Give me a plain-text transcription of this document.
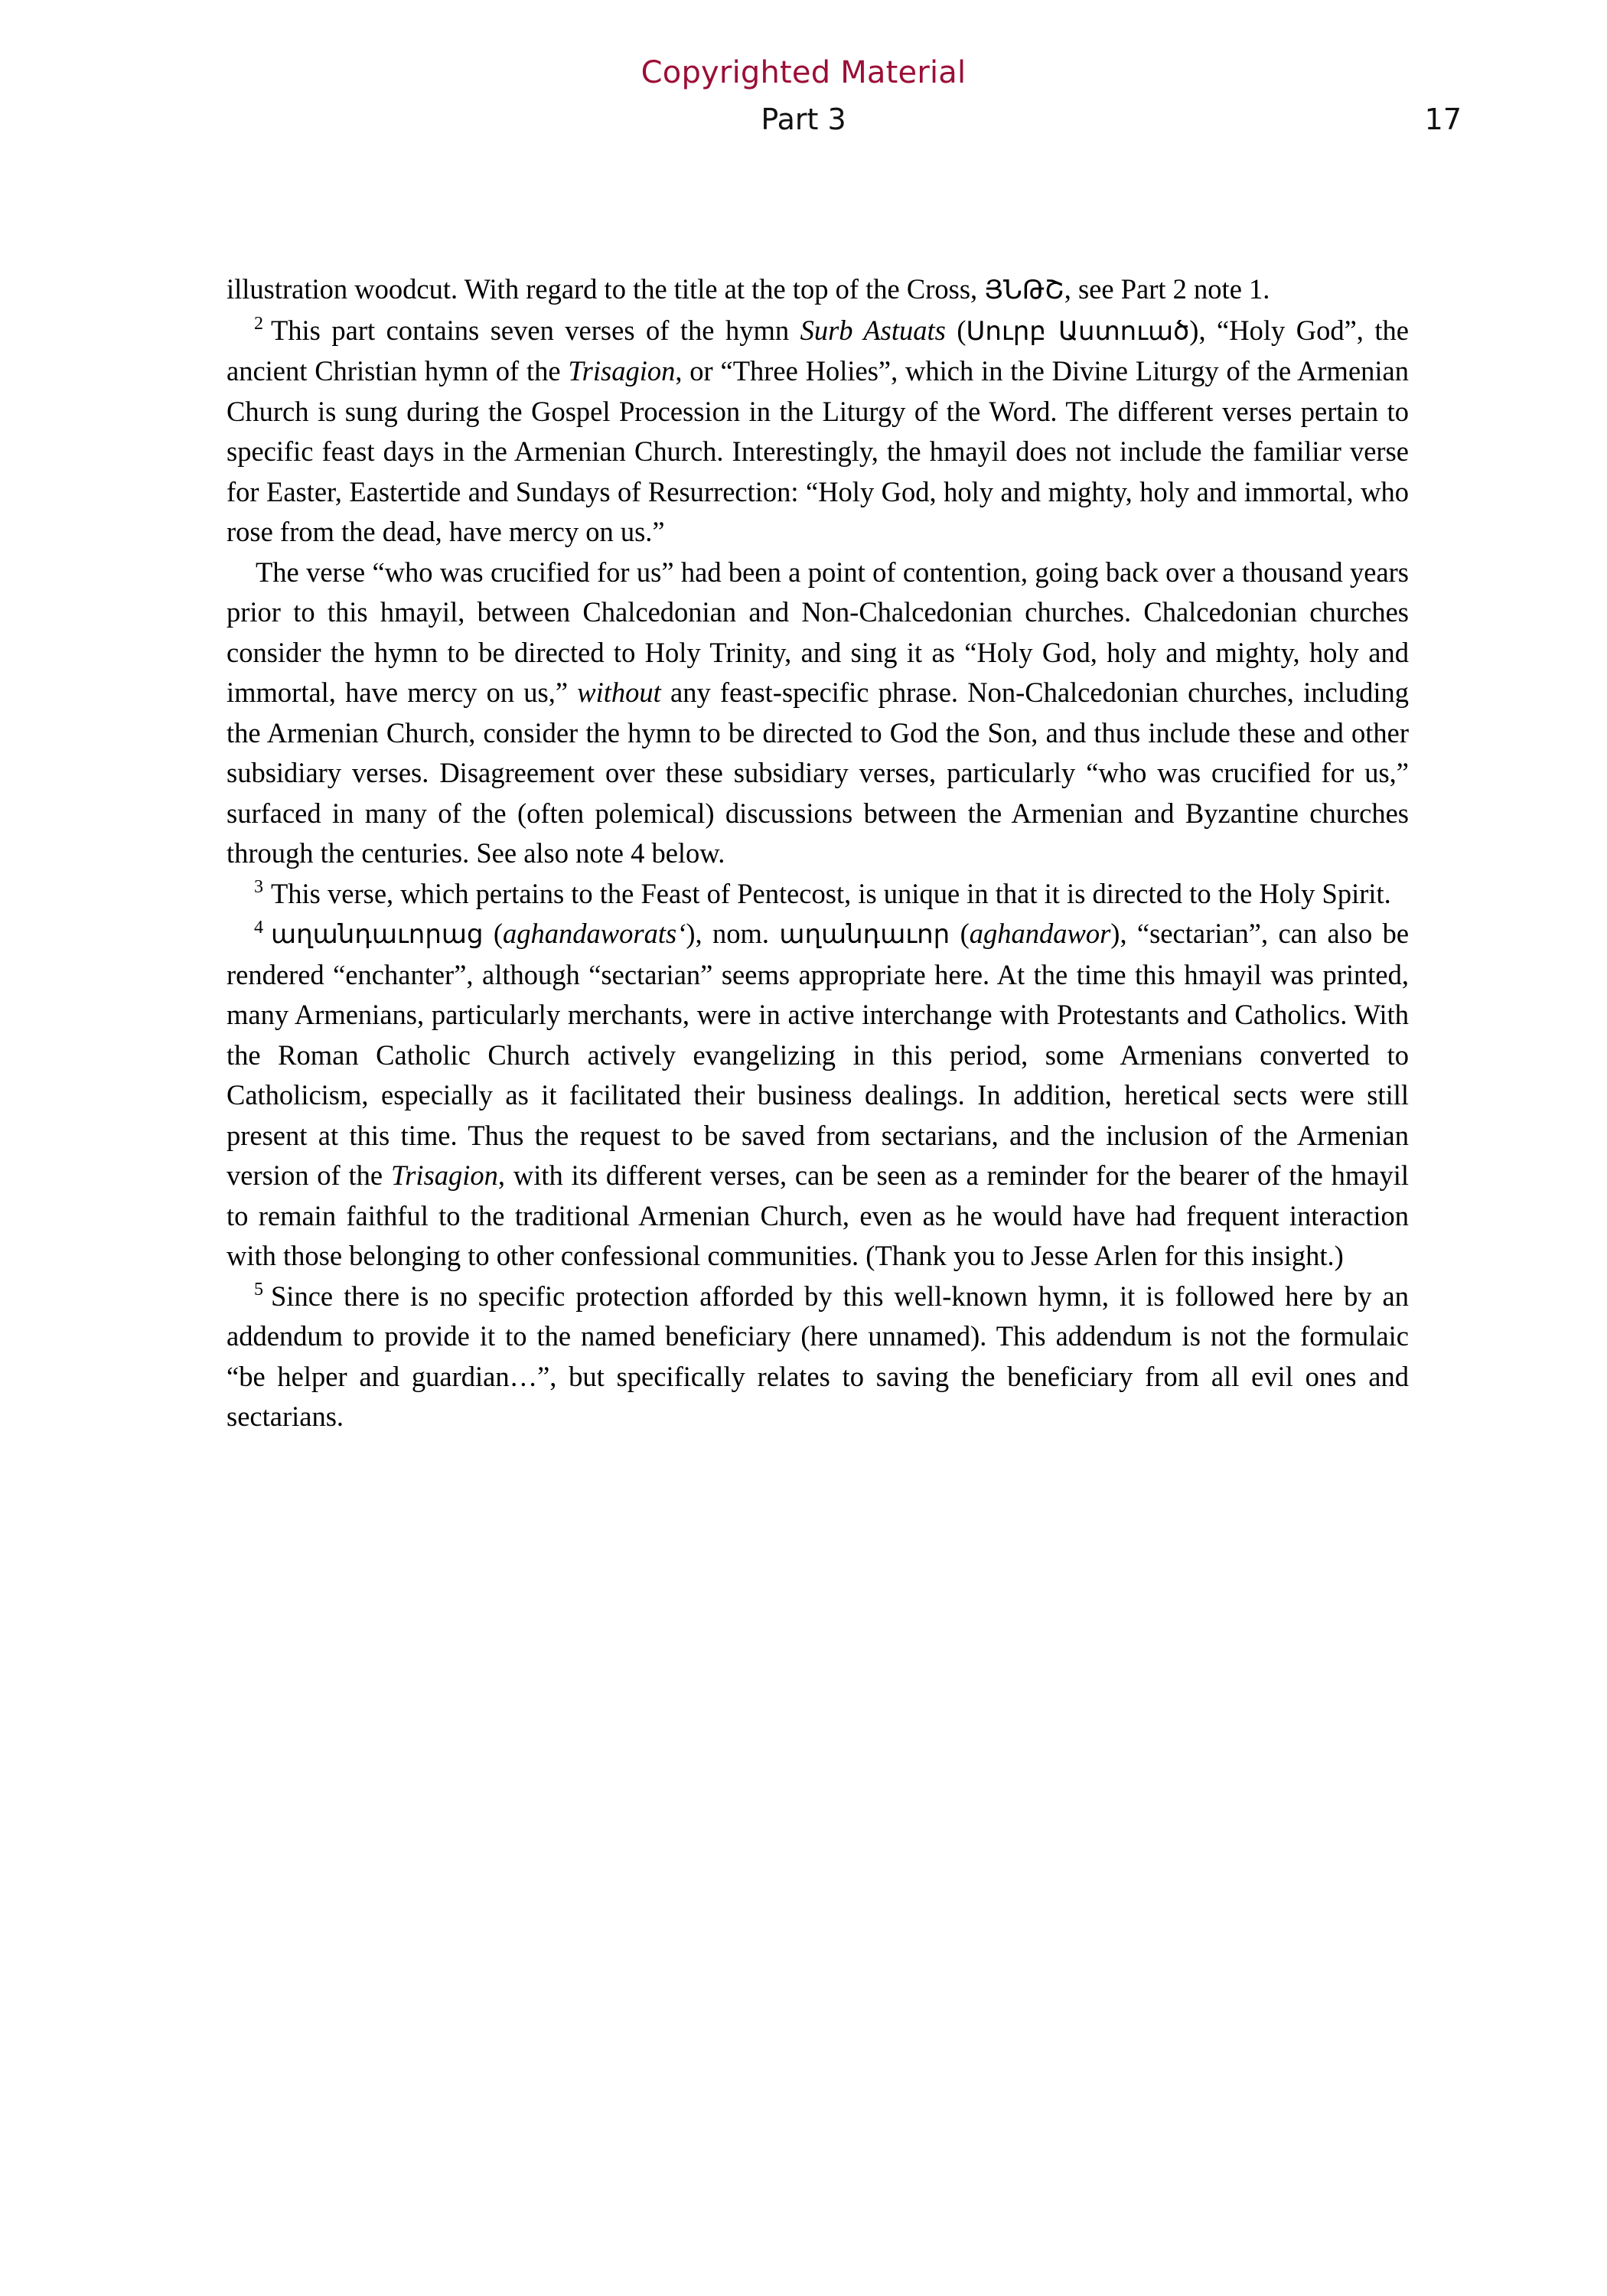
Copyrighted Material
Part 3	17

illustration woodcut. With regard to the title at the top of the Cross, ՅՆԹՇ, see Part 2 note 1.

$^2$ This part contains seven verses of the hymn Surb Astuats (Սուրբ Աստուած), “Holy God”, the ancient Christian hymn of the Trisagion, or “Three Holies”, which in the Divine Liturgy of the Armenian Church is sung during the Gospel Procession in the Liturgy of the Word. The different verses pertain to specific feast days in the Armenian Church. Interestingly, the hmayil does not include the familiar verse for Easter, Eastertide and Sundays of Resurrection: “Holy God, holy and mighty, holy and immortal, who rose from the dead, have mercy on us.”

The verse “who was crucified for us” had been a point of contention, going back over a thousand years prior to this hmayil, between Chalcedonian and Non-Chalcedonian churches. Chalcedonian churches consider the hymn to be directed to Holy Trinity, and sing it as “Holy God, holy and mighty, holy and immortal, have mercy on us,” without any feast-specific phrase. Non-Chalcedonian churches, including the Armenian Church, consider the hymn to be directed to God the Son, and thus include these and other subsidiary verses. Disagreement over these subsidiary verses, particularly “who was crucified for us,” surfaced in many of the (often polemical) discussions between the Armenian and Byzantine churches through the centuries. See also note 4 below.

$^3$ This verse, which pertains to the Feast of Pentecost, is unique in that it is directed to the Holy Spirit.

$^4$ աղանդաւորաց (aghandaworats‘), nom. աղանդաւոր (aghandawor), “sectarian”, can also be rendered “enchanter”, although “sectarian” seems appropriate here. At the time this hmayil was printed, many Armenians, particularly merchants, were in active interchange with Protestants and Catholics. With the Roman Catholic Church actively evangelizing in this period, some Armenians converted to Catholicism, especially as it facilitated their business dealings. In addition, heretical sects were still present at this time. Thus the request to be saved from sectarians, and the inclusion of the Armenian version of the Trisagion, with its different verses, can be seen as a reminder for the bearer of the hmayil to remain faithful to the traditional Armenian Church, even as he would have had frequent interaction with those belonging to other confessional communities. (Thank you to Jesse Arlen for this insight.)

$^5$ Since there is no specific protection afforded by this well-known hymn, it is followed here by an addendum to provide it to the named beneficiary (here unnamed). This addendum is not the formulaic “be helper and guardian…”, but specifically relates to saving the beneficiary from all evil ones and sectarians.
